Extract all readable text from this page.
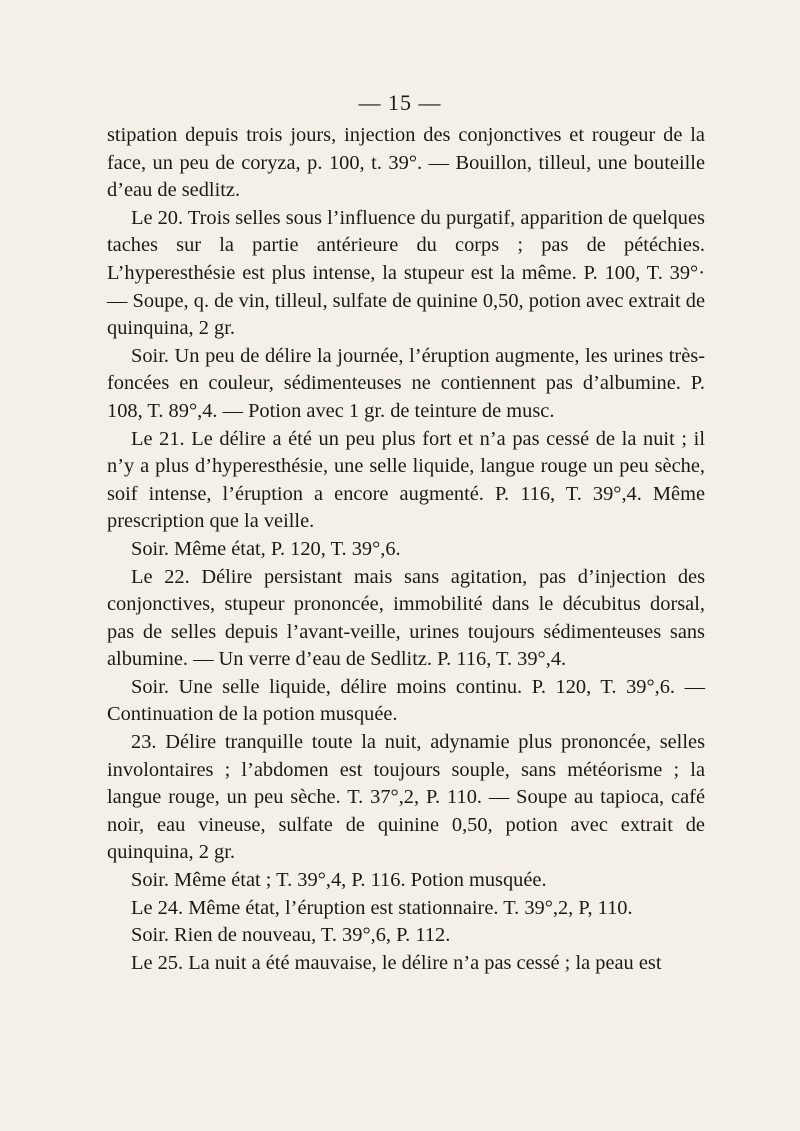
— 15 —

stipation depuis trois jours, injection des conjonctives et rougeur de la face, un peu de coryza, p. 100, t. 39°. — Bouillon, tilleul, une bouteille d’eau de sedlitz.

Le 20. Trois selles sous l’influence du purgatif, apparition de quelques taches sur la partie antérieure du corps ; pas de pétéchies. L’hyperesthésie est plus intense, la stupeur est la même. P. 100, T. 39°· — Soupe, q. de vin, tilleul, sulfate de quinine 0,50, potion avec extrait de quinquina, 2 gr.

Soir. Un peu de délire la journée, l’éruption augmente, les urines très-foncées en couleur, sédimenteuses ne contiennent pas d’albumine. P. 108, T. 89°,4. — Potion avec 1 gr. de teinture de musc.

Le 21. Le délire a été un peu plus fort et n’a pas cessé de la nuit ; il n’y a plus d’hyperesthésie, une selle liquide, langue rouge un peu sèche, soif intense, l’éruption a encore augmenté. P. 116, T. 39°,4. Même prescription que la veille.

Soir. Même état, P. 120, T. 39°,6.

Le 22. Délire persistant mais sans agitation, pas d’injection des conjonctives, stupeur prononcée, immobilité dans le décubitus dorsal, pas de selles depuis l’avant-veille, urines toujours sédimenteuses sans albumine. — Un verre d’eau de Sedlitz. P. 116, T. 39°,4.

Soir. Une selle liquide, délire moins continu. P. 120, T. 39°,6. — Continuation de la potion musquée.

23. Délire tranquille toute la nuit, adynamie plus prononcée, selles involontaires ; l’abdomen est toujours souple, sans météorisme ; la langue rouge, un peu sèche. T. 37°,2, P. 110. — Soupe au tapioca, café noir, eau vineuse, sulfate de quinine 0,50, potion avec extrait de quinquina, 2 gr.

Soir. Même état ; T. 39°,4, P. 116. Potion musquée.

Le 24. Même état, l’éruption est stationnaire. T. 39°,2, P, 110.

Soir. Rien de nouveau, T. 39°,6, P. 112.

Le 25. La nuit a été mauvaise, le délire n’a pas cessé ; la peau est
